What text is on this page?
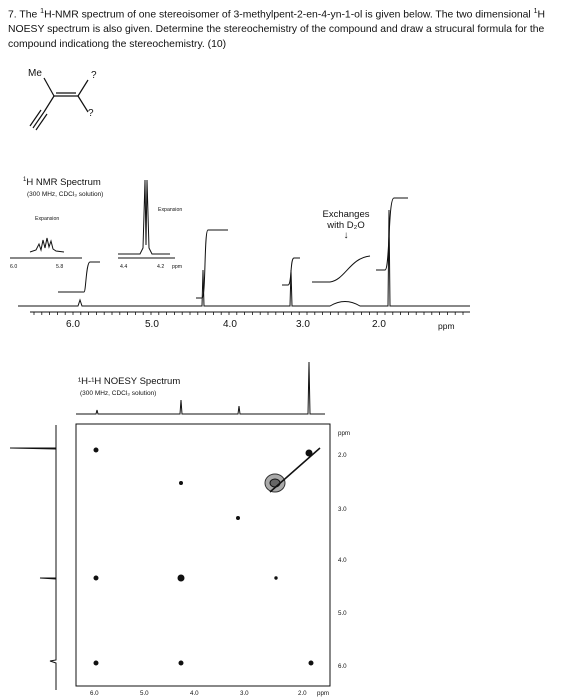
7. The $^1$H-NMR spectrum of one stereoisomer of 3-methylpent-2-en-4-yn-1-ol is given below. The two dimensional $^1$H NOESY spectrum is also given. Determine the stereochemistry of the compound and draw a strucural formula for the compound indicationg the stereochemistry. (10)
Me	?
?
$^1$H NMR Spectrum
(300 MHz, CDCl₃ solution)
Expansion
Expansion
6.0	5.8	4.4	4.2 ppm
Exchanges
with D₂O
↓
6.0	5.0	4.0	3.0	2.0	ppm
¹H-¹H NOESY Spectrum
(300 MHz, CDCl₃ solution)
ppm
2.0
3.0
4.0
5.0
6.0
6.0	5.0	4.0	3.0	2.0 ppm
